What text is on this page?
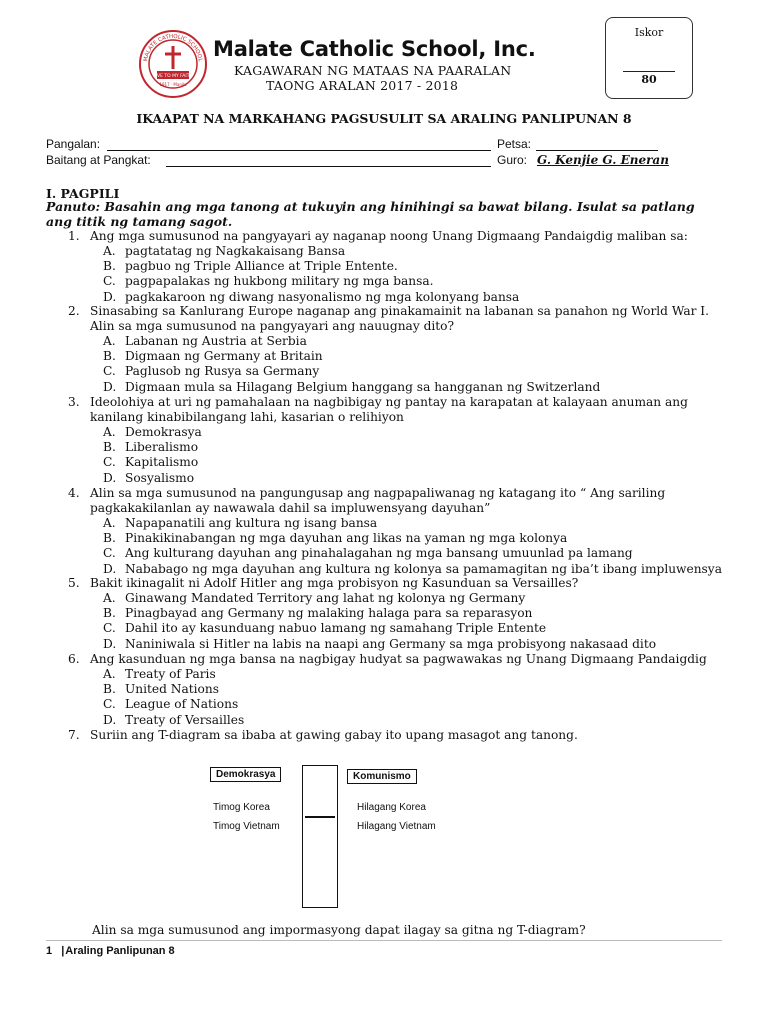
LIVE TO MY FAITH
1917 · Manila
MALATE CATHOLIC SCHOOL Malate Catholic School, Inc.
KAGAWARAN NG MATAAS NA PAARALAN
TAONG ARALAN 2017 - 2018
Iskor
80
IKAAPAT NA MARKAHANG PAGSUSULIT SA ARALING PANLIPUNAN 8
Pangalan:	Petsa:
Baitang at Pangkat:	Guro: G. Kenjie G. Eneran
I. PAGPILI
Panuto: Basahin ang mga tanong at tukuyin ang hinihingi sa bawat bilang. Isulat sa patlang ang titik ng tamang sagot.
1. Ang mga sumusunod na pangyayari ay naganap noong Unang Digmaang Pandaigdig maliban sa:
A. pagtatatag ng Nagkakaisang Bansa
B. pagbuo ng Triple Alliance at Triple Entente.
C. pagpapalakas ng hukbong military ng mga bansa.
D. pagkakaroon ng diwang nasyonalismo ng mga kolonyang bansa
2. Sinasabing sa Kanlurang Europe naganap ang pinakamainit na labanan sa panahon ng World War I. Alin sa mga sumusunod na pangyayari ang nauugnay dito?
A. Labanan ng Austria at Serbia
B. Digmaan ng Germany at Britain
C. Paglusob ng Rusya sa Germany
D. Digmaan mula sa Hilagang Belgium hanggang sa hangganan ng Switzerland
3. Ideolohiya at uri ng pamahalaan na nagbibigay ng pantay na karapatan at kalayaan anuman ang kanilang kinabibilangang lahi, kasarian o relihiyon
A. Demokrasya
B. Liberalismo
C. Kapitalismo
D. Sosyalismo
4. Alin sa mga sumusunod na pangungusap ang nagpapaliwanag ng katagang ito “ Ang sariling pagkakakilanlan ay nawawala dahil sa impluwensyang dayuhan”
A. Napapanatili ang kultura ng isang bansa
B. Pinakikinabangan ng mga dayuhan ang likas na yaman ng mga kolonya
C. Ang kulturang dayuhan ang pinahalagahan ng mga bansang umuunlad pa lamang
D. Nababago ng mga dayuhan ang kultura ng kolonya sa pamamagitan ng iba’t ibang impluwensya
5. Bakit ikinagalit ni Adolf Hitler ang mga probisyon ng Kasunduan sa Versailles?
A. Ginawang Mandated Territory ang lahat ng kolonya ng Germany
B. Pinagbayad ang Germany ng malaking halaga para sa reparasyon
C. Dahil ito ay kasunduang nabuo lamang ng samahang Triple Entente
D. Naniniwala si Hitler na labis na naapi ang Germany sa mga probisyong nakasaad dito
6. Ang kasunduan ng mga bansa na nagbigay hudyat sa pagwawakas ng Unang Digmaang Pandaigdig
A. Treaty of Paris
B. United Nations
C. League of Nations
D. Treaty of Versailles
7. Suriin ang T-diagram sa ibaba at gawing gabay ito upang masagot ang tanong.
Demokrasya	Komunismo
Timog Korea
Timog Vietnam
Hilagang Korea
Hilagang Vietnam
Alin sa mga sumusunod ang impormasyong dapat ilagay sa gitna ng T-diagram?
1 |Araling Panlipunan 8
